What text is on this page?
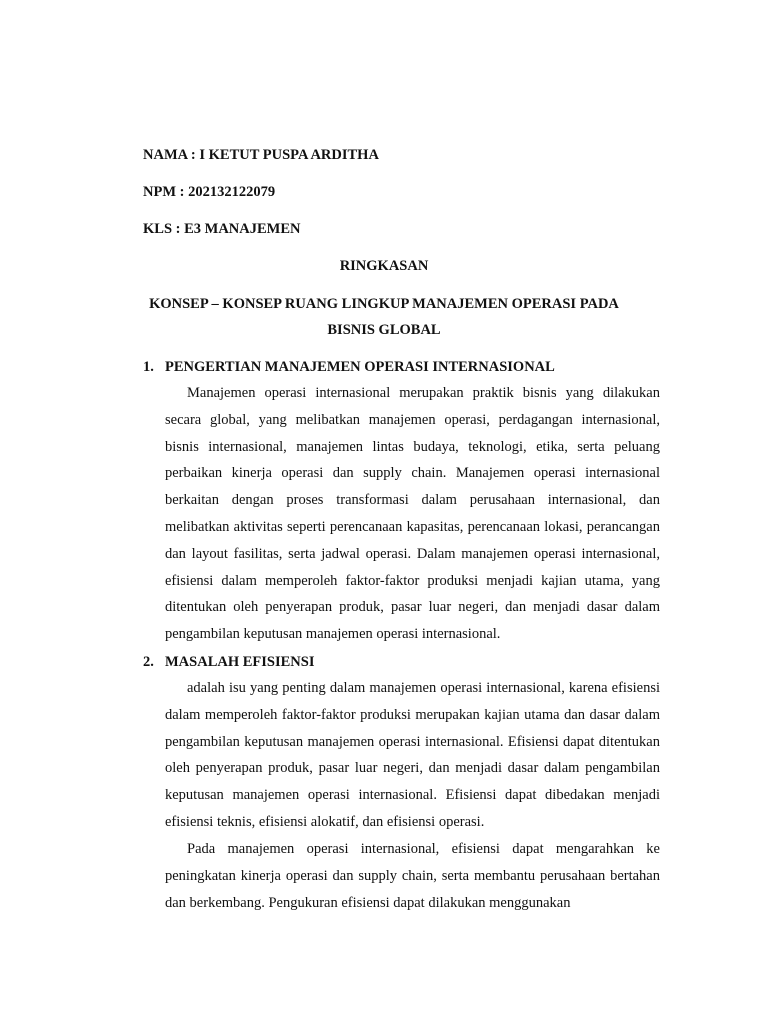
NAMA : I KETUT PUSPA ARDITHA
NPM : 202132122079
KLS : E3 MANAJEMEN
RINGKASAN
KONSEP – KONSEP RUANG LINGKUP MANAJEMEN OPERASI PADA
BISNIS GLOBAL
1. PENGERTIAN MANAJEMEN OPERASI INTERNASIONAL
Manajemen operasi internasional merupakan praktik bisnis yang dilakukan secara global, yang melibatkan manajemen operasi, perdagangan internasional, bisnis internasional, manajemen lintas budaya, teknologi, etika, serta peluang perbaikan kinerja operasi dan supply chain. Manajemen operasi internasional berkaitan dengan proses transformasi dalam perusahaan internasional, dan melibatkan aktivitas seperti perencanaan kapasitas, perencanaan lokasi, perancangan dan layout fasilitas, serta jadwal operasi. Dalam manajemen operasi internasional, efisiensi dalam memperoleh faktor-faktor produksi menjadi kajian utama, yang ditentukan oleh penyerapan produk, pasar luar negeri, dan menjadi dasar dalam pengambilan keputusan manajemen operasi internasional.
2. MASALAH EFISIENSI
adalah isu yang penting dalam manajemen operasi internasional, karena efisiensi dalam memperoleh faktor-faktor produksi merupakan kajian utama dan dasar dalam pengambilan keputusan manajemen operasi internasional. Efisiensi dapat ditentukan oleh penyerapan produk, pasar luar negeri, dan menjadi dasar dalam pengambilan keputusan manajemen operasi internasional. Efisiensi dapat dibedakan menjadi efisiensi teknis, efisiensi alokatif, dan efisiensi operasi.
Pada manajemen operasi internasional, efisiensi dapat mengarahkan ke peningkatan kinerja operasi dan supply chain, serta membantu perusahaan bertahan dan berkembang. Pengukuran efisiensi dapat dilakukan menggunakan
